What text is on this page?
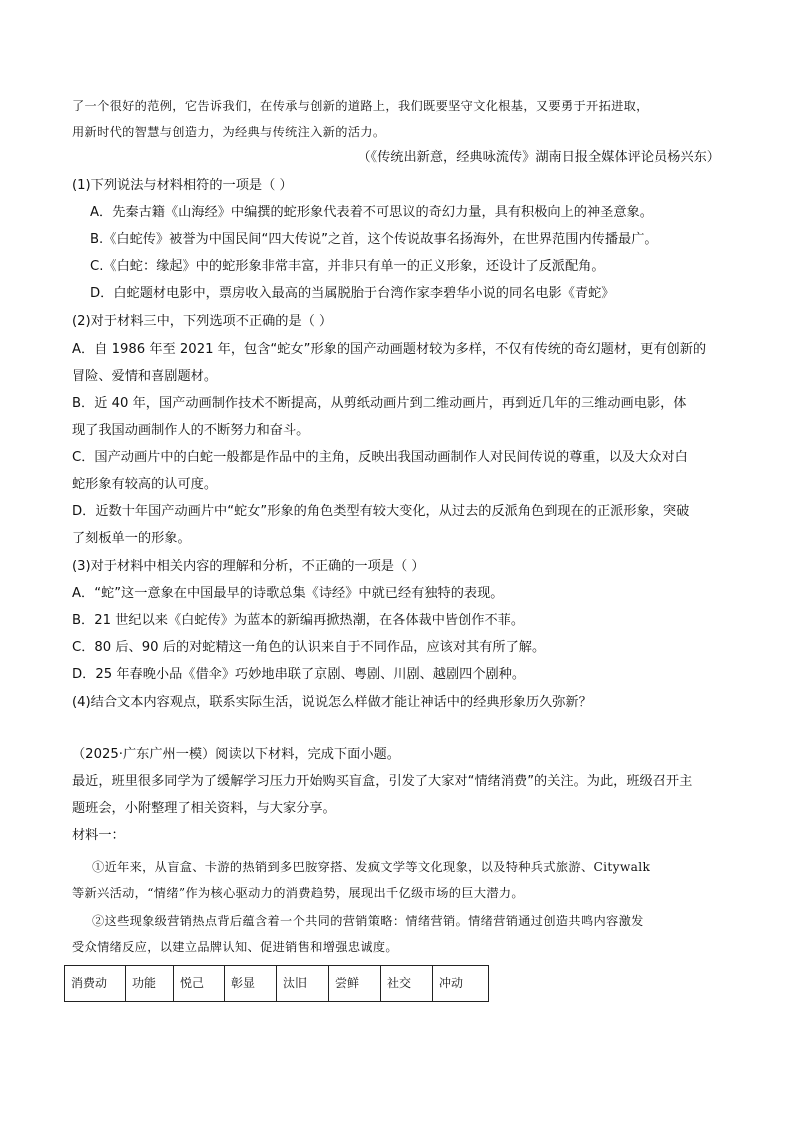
了一个很好的范例，它告诉我们，在传承与创新的道路上，我们既要坚守文化根基，又要勇于开拓进取，
用新时代的智慧与创造力，为经典与传统注入新的活力。
（《传统出新意，经典咏流传》湖南日报全媒体评论员杨兴东）
(1)下列说法与材料相符的一项是（ ）
A．先秦古籍《山海经》中编撰的蛇形象代表着不可思议的奇幻力量，具有积极向上的神圣意象。
B.《白蛇传》被誉为中国民间“四大传说”之首，这个传说故事名扬海外，在世界范围内传播最广。
C.《白蛇：缘起》中的蛇形象非常丰富，并非只有单一的正义形象，还设计了反派配角。
D．白蛇题材电影中，票房收入最高的当属脱胎于台湾作家李碧华小说的同名电影《青蛇》
(2)对于材料三中，下列选项不正确的是（ ）
A．自 1986 年至 2021 年，包含“蛇女”形象的国产动画题材较为多样，不仅有传统的奇幻题材，更有创新的
冒险、爱情和喜剧题材。
B．近 40 年，国产动画制作技术不断提高，从剪纸动画片到二维动画片，再到近几年的三维动画电影，体
现了我国动画制作人的不断努力和奋斗。
C．国产动画片中的白蛇一般都是作品中的主角，反映出我国动画制作人对民间传说的尊重，以及大众对白
蛇形象有较高的认可度。
D．近数十年国产动画片中“蛇女”形象的角色类型有较大变化，从过去的反派角色到现在的正派形象，突破
了刻板单一的形象。
(3)对于材料中相关内容的理解和分析，不正确的一项是（ ）
A．“蛇”这一意象在中国最早的诗歌总集《诗经》中就已经有独特的表现。
B．21 世纪以来《白蛇传》为蓝本的新编再掀热潮，在各体裁中皆创作不菲。
C．80 后、90 后的对蛇精这一角色的认识来自于不同作品，应该对其有所了解。
D．25 年春晚小品《借伞》巧妙地串联了京剧、粤剧、川剧、越剧四个剧种。
(4)结合文本内容观点，联系实际生活，说说怎么样做才能让神话中的经典形象历久弥新？
（2025·广东广州一模）阅读以下材料，完成下面小题。
最近，班里很多同学为了缓解学习压力开始购买盲盒，引发了大家对“情绪消费”的关注。为此，班级召开主
题班会，小附整理了相关资料，与大家分享。
材料一：
①近年来，从盲盒、卡游的热销到多巴胺穿搭、发疯文学等文化现象，以及特种兵式旅游、Citywalk
等新兴活动，“情绪”作为核心驱动力的消费趋势，展现出千亿级市场的巨大潜力。
②这些现象级营销热点背后蕴含着一个共同的营销策略：情绪营销。情绪营销通过创造共鸣内容激发
受众情绪反应，以建立品牌认知、促进销售和增强忠诚度。
消费动	功能	悦己	彰显	汰旧	尝鲜	社交	冲动
